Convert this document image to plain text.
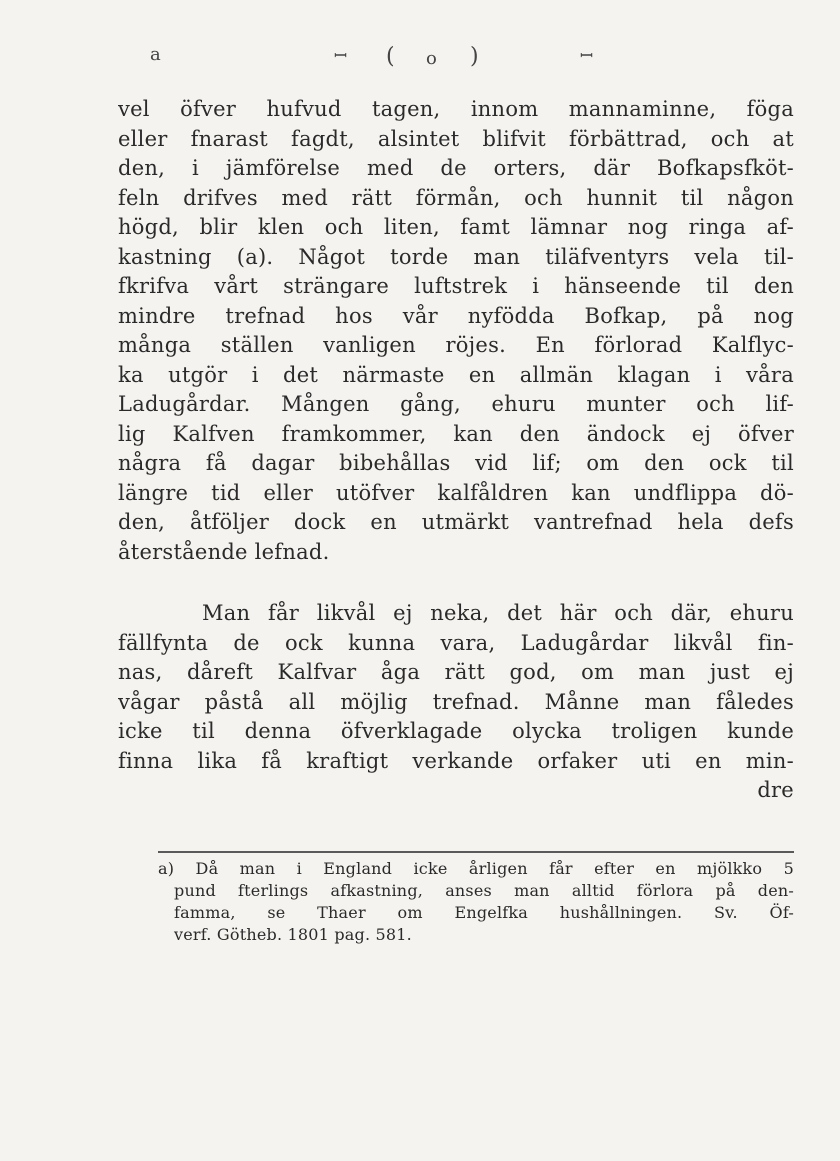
a	ꟷ ( o )	ꟷ
vel öfver hufvud tagen, innom mannaminne, föga
eller fnarast fagdt, alsintet blifvit förbättrad, och at
den, i jämförelse med de orters, där Bofkapsfköt-
feln drifves med rätt förmån, och hunnit til någon
högd, blir klen och liten, famt lämnar nog ringa af-
kastning (a). Något torde man tiläfventyrs vela til-
fkrifva vårt strängare luftstrek i hänseende til den
mindre trefnad hos vår nyfödda Bofkap, på nog
många ställen vanligen röjes. En förlorad Kalflyc-
ka utgör i det närmaste en allmän klagan i våra
Ladugårdar. Mången gång, ehuru munter och lif-
lig Kalfven framkommer, kan den ändock ej öfver
några få dagar bibehållas vid lif; om den ock til
längre tid eller utöfver kalfåldren kan undflippa dö-
den, åtföljer dock en utmärkt vantrefnad hela defs
återstående lefnad.
Man får likvål ej neka, det här och där, ehuru
fällfynta de ock kunna vara, Ladugårdar likvål fin-
nas, dåreft Kalfvar åga rätt god, om man just ej
vågar påstå all möjlig trefnad. Månne man fåledes
icke til denna öfverklagade olycka troligen kunde
finna lika få kraftigt verkande orfaker uti en min-
dre
a) Då man i England icke årligen får efter en mjölkko 5
pund fterlings afkastning, anses man alltid förlora på den-
famma, se Thaer om Engelfka hushållningen. Sv. Öf-
verf. Götheb. 1801 pag. 581.
